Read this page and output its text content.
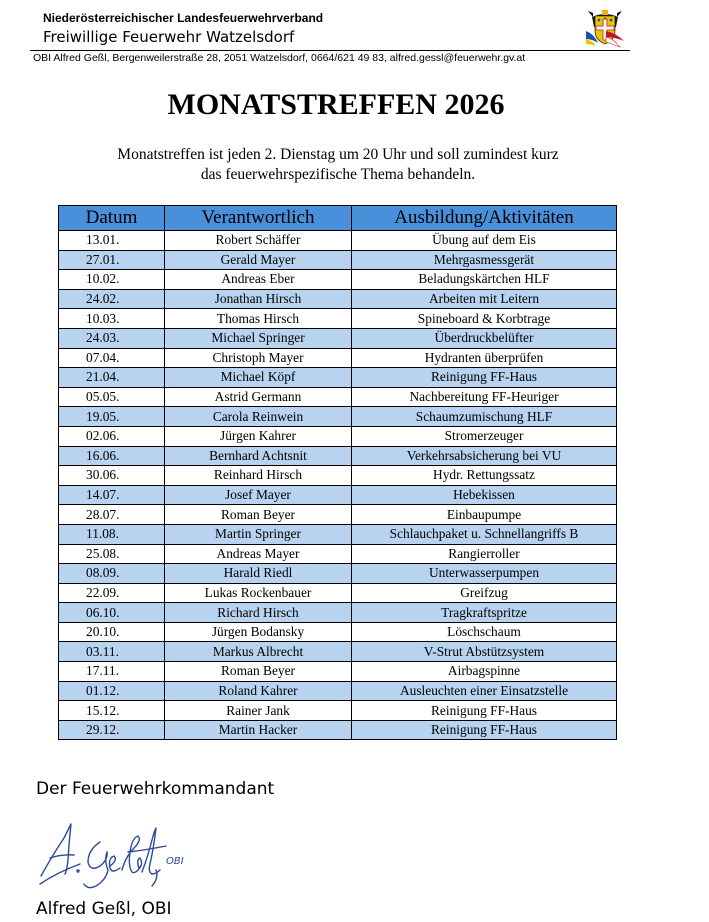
Niederösterreichischer Landesfeuerwehrverband
Freiwillige Feuerwehr Watzelsdorf
OBI Alfred Geßl, Bergenweilerstraße 28, 2051 Watzelsdorf, 0664/621 49 83, alfred.gessl@feuerwehr.gv.at
MONATSTREFFEN 2026
Monatstreffen ist jeden 2. Dienstag um 20 Uhr und soll zumindest kurz
das feuerwehrspezifische Thema behandeln.
Datum	Verantwortlich	Ausbildung/Aktivitäten
13.01.	Robert Schäffer	Übung auf dem Eis
27.01.	Gerald Mayer	Mehrgasmessgerät
10.02.	Andreas Eber	Beladungskärtchen HLF
24.02.	Jonathan Hirsch	Arbeiten mit Leitern
10.03.	Thomas Hirsch	Spineboard & Korbtrage
24.03.	Michael Springer	Überdruckbelüfter
07.04.	Christoph Mayer	Hydranten überprüfen
21.04.	Michael Köpf	Reinigung FF-Haus
05.05.	Astrid Germann	Nachbereitung FF-Heuriger
19.05.	Carola Reinwein	Schaumzumischung HLF
02.06.	Jürgen Kahrer	Stromerzeuger
16.06.	Bernhard Achtsnit	Verkehrsabsicherung bei VU
30.06.	Reinhard Hirsch	Hydr. Rettungssatz
14.07.	Josef Mayer	Hebekissen
28.07.	Roman Beyer	Einbaupumpe
11.08.	Martin Springer	Schlauchpaket u. Schnellangriffs B
25.08.	Andreas Mayer	Rangierroller
08.09.	Harald Riedl	Unterwasserpumpen
22.09.	Lukas Rockenbauer	Greifzug
06.10.	Richard Hirsch	Tragkraftspritze
20.10.	Jürgen Bodansky	Löschschaum
03.11.	Markus Albrecht	V-Strut Abstützsystem
17.11.	Roman Beyer	Airbagspinne
01.12.	Roland Kahrer	Ausleuchten einer Einsatzstelle
15.12.	Rainer Jank	Reinigung FF-Haus
29.12.	Martin Hacker	Reinigung FF-Haus
Der Feuerwehrkommandant
OBI
Alfred Geßl, OBI
